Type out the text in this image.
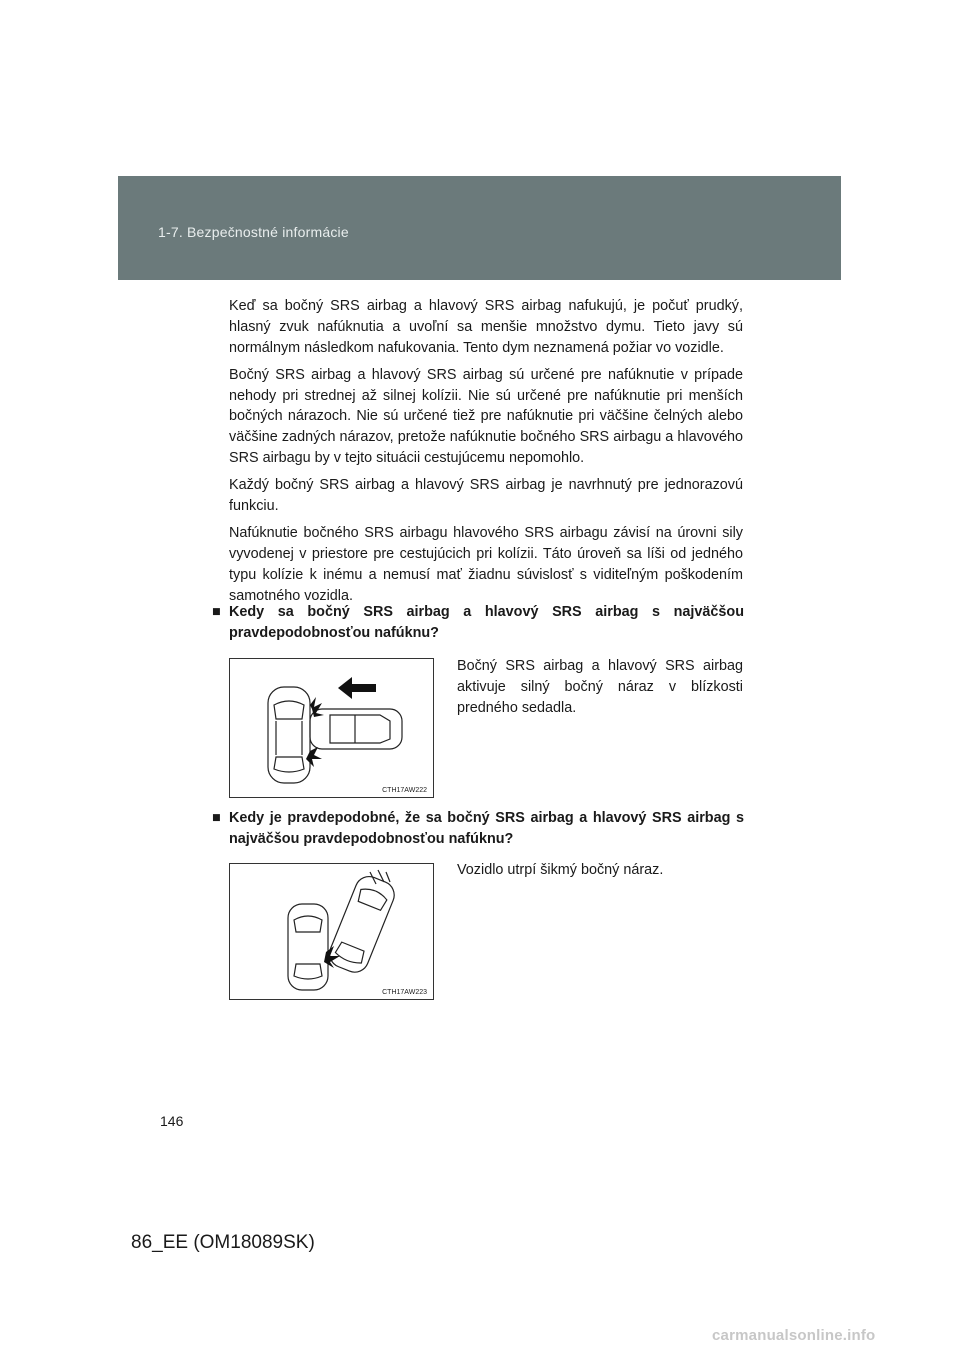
1-7. Bezpečnostné informácie

Keď sa bočný SRS airbag a hlavový SRS airbag nafukujú, je počuť prudký, hlasný zvuk nafúknutia a uvoľní sa menšie množstvo dymu. Tieto javy sú normálnym následkom nafukovania. Tento dym neznamená požiar vo vozidle.

Bočný SRS airbag a hlavový SRS airbag sú určené pre nafúknutie v prípade nehody pri strednej až silnej kolízii. Nie sú určené pre nafúknutie pri menších bočných nárazoch. Nie sú určené tiež pre nafúknutie pri väčšine čelných alebo väčšine zadných nárazov, pretože nafúknutie bočného SRS airbagu a hlavového SRS airbagu by v tejto situácii cestujúcemu nepomohlo.

Každý bočný SRS airbag a hlavový SRS airbag je navrhnutý pre jednorazovú funkciu.

Nafúknutie bočného SRS airbagu hlavového SRS airbagu závisí na úrovni sily vyvodenej v priestore pre cestujúcich pri kolízii. Táto úroveň sa líši od jedného typu kolízie k inému a nemusí mať žiadnu súvislosť s viditeľným poškodením samotného vozidla.

■ Kedy sa bočný SRS airbag a hlavový SRS airbag s najväčšou pravdepodobnosťou nafúknu?
CTH17AW222
Bočný SRS airbag a hlavový SRS airbag aktivuje silný bočný náraz v blízkosti predného sedadla.
■ Kedy je pravdepodobné, že sa bočný SRS airbag a hlavový SRS airbag s najväčšou pravdepodobnosťou nafúknu?
CTH17AW223
Vozidlo utrpí šikmý bočný náraz.
146
86_EE (OM18089SK)
carmanualsonline.info
